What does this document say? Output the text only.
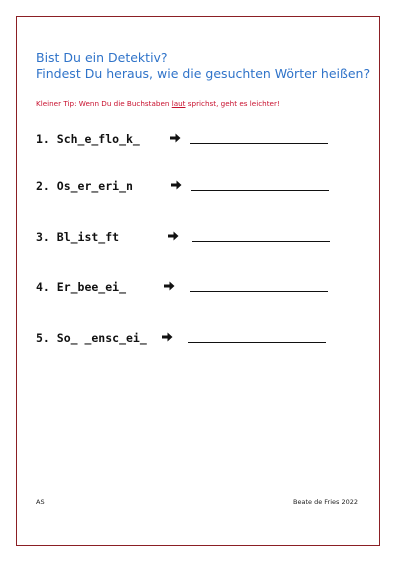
Bist Du ein Detektiv?
Findest Du heraus, wie die gesuchten Wörter heißen?
Kleiner Tip: Wenn Du die Buchstaben laut sprichst, geht es leichter!
1. Sch_e_flo_k_
2. Os_er_eri_n
3. Bl_ist_ft
4. Er_bee_ei_
5. So_ _ensc_ei_
AS	Beate de Fries 2022
